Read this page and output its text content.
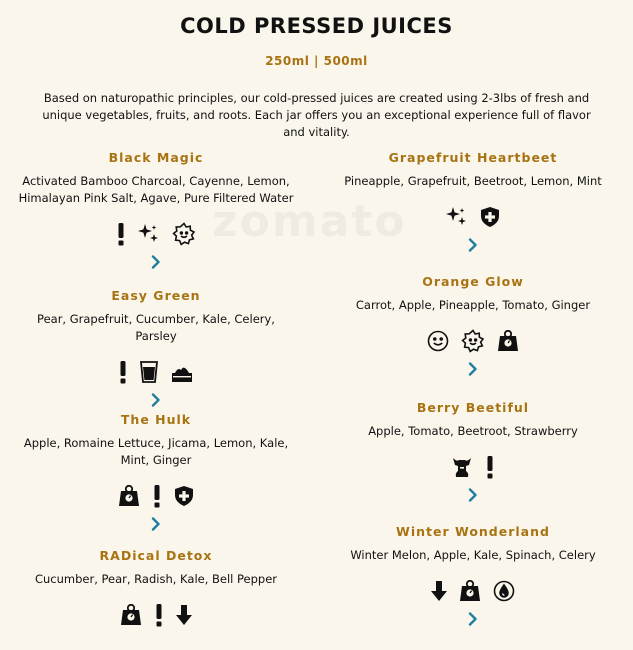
COLD PRESSED JUICES
250ml | 500ml
Based on naturopathic principles, our cold-pressed juices are created using 2-3lbs of fresh and unique vegetables, fruits, and roots. Each jar offers you an exceptional experience full of flavor and vitality.
Black Magic
Activated Bamboo Charcoal, Cayenne, Lemon, Himalayan Pink Salt, Agave, Pure Filtered Water
Easy Green
Pear, Grapefruit, Cucumber, Kale, Celery, Parsley
The Hulk
Apple, Romaine Lettuce, Jicama, Lemon, Kale, Mint, Ginger
RADical Detox
Cucumber, Pear, Radish, Kale, Bell Pepper
Grapefruit Heartbeet
Pineapple, Grapefruit, Beetroot, Lemon, Mint
Orange Glow
Carrot, Apple, Pineapple, Tomato, Ginger
Berry Beetiful
Apple, Tomato, Beetroot, Strawberry
Winter Wonderland
Winter Melon, Apple, Kale, Spinach, Celery
